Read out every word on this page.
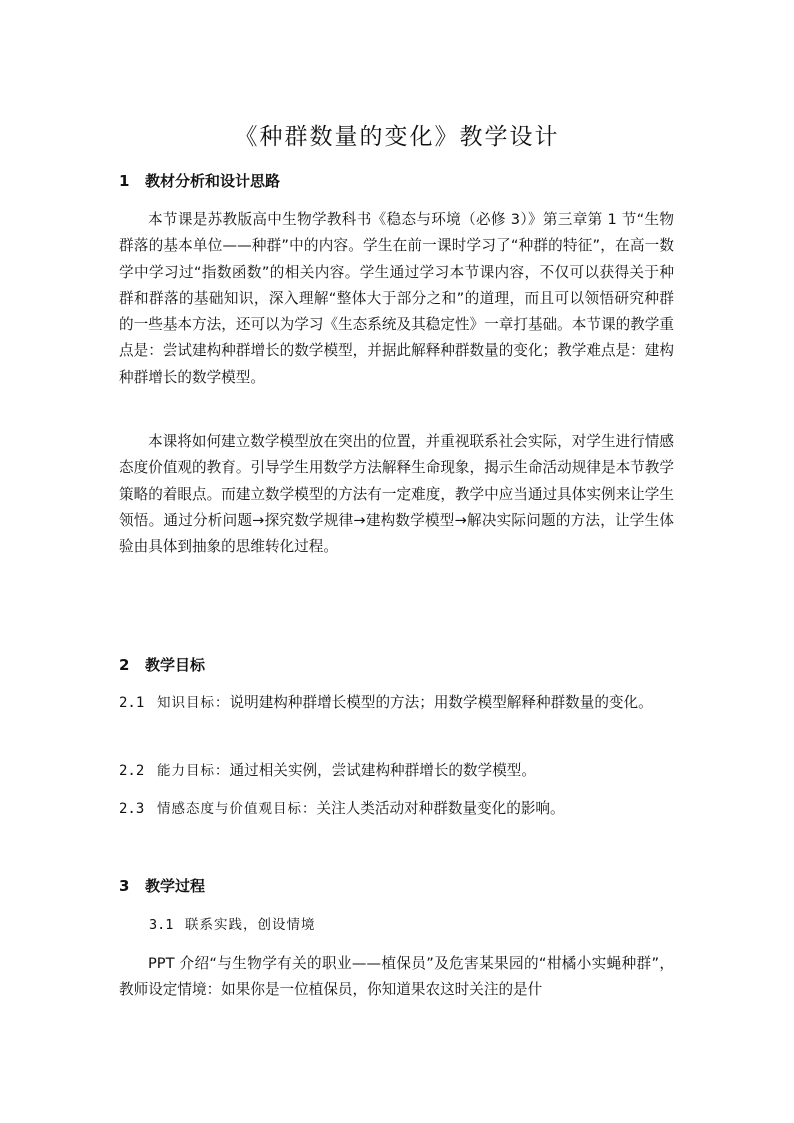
《种群数量的变化》教学设计
1 教材分析和设计思路
本节课是苏教版高中生物学教科书《稳态与环境（必修 3）》第三章第 1 节“生物群落的基本单位——种群”中的内容。学生在前一课时学习了“种群的特征”，在高一数学中学习过“指数函数”的相关内容。学生通过学习本节课内容，不仅可以获得关于种群和群落的基础知识，深入理解“整体大于部分之和”的道理，而且可以领悟研究种群的一些基本方法，还可以为学习《生态系统及其稳定性》一章打基础。本节课的教学重点是：尝试建构种群增长的数学模型，并据此解释种群数量的变化；教学难点是：建构种群增长的数学模型。
本课将如何建立数学模型放在突出的位置，并重视联系社会实际，对学生进行情感态度价值观的教育。引导学生用数学方法解释生命现象，揭示生命活动规律是本节教学策略的着眼点。而建立数学模型的方法有一定难度，教学中应当通过具体实例来让学生领悟。通过分析问题→探究数学规律→建构数学模型→解决实际问题的方法，让学生体验由具体到抽象的思维转化过程。
2 教学目标
2.1 知识目标：说明建构种群增长模型的方法；用数学模型解释种群数量的变化。
2.2 能力目标：通过相关实例，尝试建构种群增长的数学模型。
2.3 情感态度与价值观目标：关注人类活动对种群数量变化的影响。
3 教学过程
3.1 联系实践，创设情境
PPT 介绍“与生物学有关的职业——植保员”及危害某果园的“柑橘小实蝇种群”，教师设定情境：如果你是一位植保员，你知道果农这时关注的是什
